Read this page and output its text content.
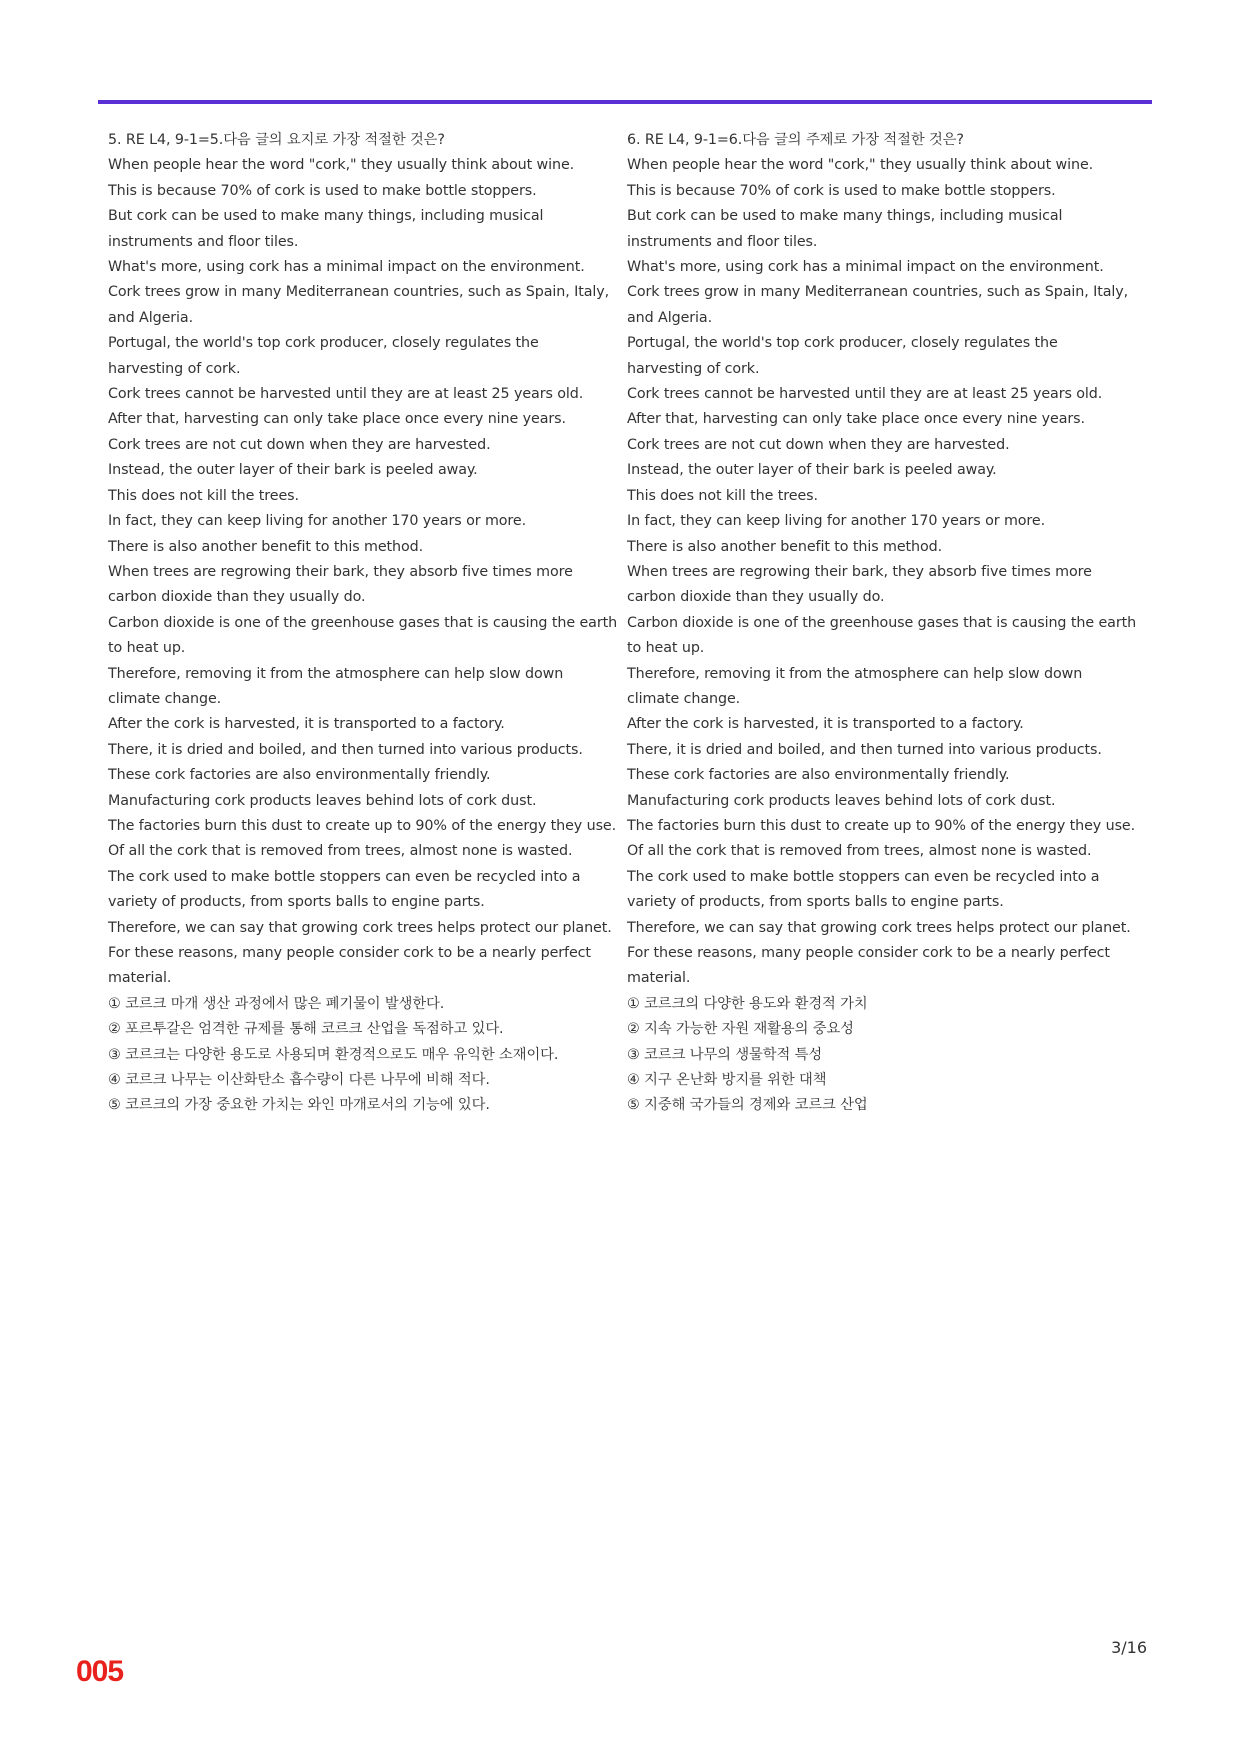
5. RE L4, 9-1=5.다음 글의 요지로 가장 적절한 것은?

When people hear the word "cork," they usually think about wine.

This is because 70% of cork is used to make bottle stoppers.

But cork can be used to make many things, including musical instruments and floor tiles.

What's more, using cork has a minimal impact on the environment.

Cork trees grow in many Mediterranean countries, such as Spain, Italy, and Algeria.

Portugal, the world's top cork producer, closely regulates the harvesting of cork.

Cork trees cannot be harvested until they are at least 25 years old.

After that, harvesting can only take place once every nine years.

Cork trees are not cut down when they are harvested.

Instead, the outer layer of their bark is peeled away.

This does not kill the trees.

In fact, they can keep living for another 170 years or more.

There is also another benefit to this method.

When trees are regrowing their bark, they absorb five times more carbon dioxide than they usually do.

Carbon dioxide is one of the greenhouse gases that is causing the earth to heat up.

Therefore, removing it from the atmosphere can help slow down climate change.

After the cork is harvested, it is transported to a factory.

There, it is dried and boiled, and then turned into various products.

These cork factories are also environmentally friendly.

Manufacturing cork products leaves behind lots of cork dust.

The factories burn this dust to create up to 90% of the energy they use.

Of all the cork that is removed from trees, almost none is wasted.

The cork used to make bottle stoppers can even be recycled into a variety of products, from sports balls to engine parts.

Therefore, we can say that growing cork trees helps protect our planet.

For these reasons, many people consider cork to be a nearly perfect material.

① 코르크 마개 생산 과정에서 많은 폐기물이 발생한다.

② 포르투갈은 엄격한 규제를 통해 코르크 산업을 독점하고 있다.

③ 코르크는 다양한 용도로 사용되며 환경적으로도 매우 유익한 소재이다.

④ 코르크 나무는 이산화탄소 흡수량이 다른 나무에 비해 적다.

⑤ 코르크의 가장 중요한 가치는 와인 마개로서의 기능에 있다.

6. RE L4, 9-1=6.다음 글의 주제로 가장 적절한 것은?

When people hear the word "cork," they usually think about wine.

This is because 70% of cork is used to make bottle stoppers.

But cork can be used to make many things, including musical instruments and floor tiles.

What's more, using cork has a minimal impact on the environment.

Cork trees grow in many Mediterranean countries, such as Spain, Italy, and Algeria.

Portugal, the world's top cork producer, closely regulates the harvesting of cork.

Cork trees cannot be harvested until they are at least 25 years old.

After that, harvesting can only take place once every nine years.

Cork trees are not cut down when they are harvested.

Instead, the outer layer of their bark is peeled away.

This does not kill the trees.

In fact, they can keep living for another 170 years or more.

There is also another benefit to this method.

When trees are regrowing their bark, they absorb five times more carbon dioxide than they usually do.

Carbon dioxide is one of the greenhouse gases that is causing the earth to heat up.

Therefore, removing it from the atmosphere can help slow down climate change.

After the cork is harvested, it is transported to a factory.

There, it is dried and boiled, and then turned into various products.

These cork factories are also environmentally friendly.

Manufacturing cork products leaves behind lots of cork dust.

The factories burn this dust to create up to 90% of the energy they use.

Of all the cork that is removed from trees, almost none is wasted.

The cork used to make bottle stoppers can even be recycled into a variety of products, from sports balls to engine parts.

Therefore, we can say that growing cork trees helps protect our planet.

For these reasons, many people consider cork to be a nearly perfect material.

① 코르크의 다양한 용도와 환경적 가치

② 지속 가능한 자원 재활용의 중요성

③ 코르크 나무의 생물학적 특성

④ 지구 온난화 방지를 위한 대책

⑤ 지중해 국가들의 경제와 코르크 산업

3/16
005
